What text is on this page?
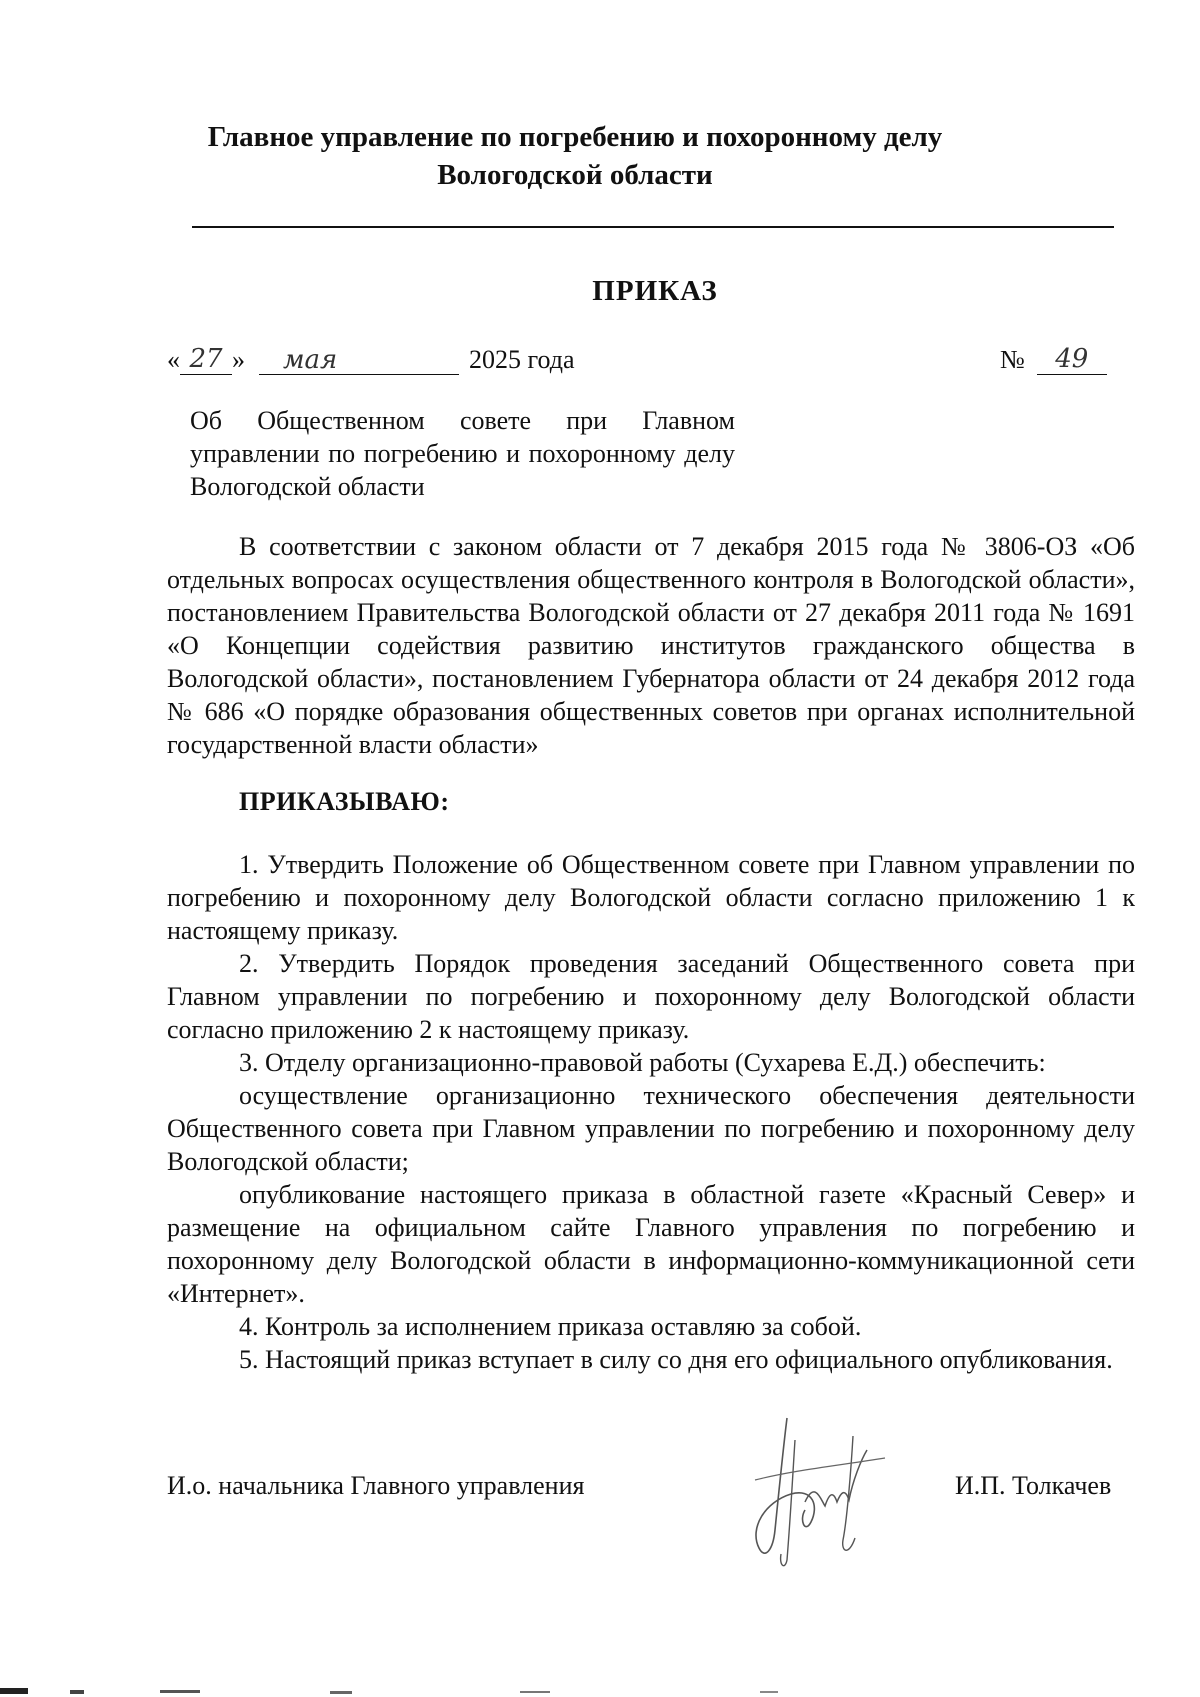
Главное управление по погребению и похоронному делу
Вологодской области
ПРИКАЗ
« 27 » мая	2025 года	№ 49
Об Общественном совете при Главном управлении по погребению и похоронному делу Вологодской области

В соответствии с законом области от 7 декабря 2015 года № 3806-ОЗ «Об отдельных вопросах осуществления общественного контроля в Вологодской области», постановлением Правительства Вологодской области от 27 декабря 2011 года № 1691 «О Концепции содействия развитию институтов гражданского общества в Вологодской области», постановлением Губернатора области от 24 декабря 2012 года № 686 «О порядке образования общественных советов при органах исполнительной государственной власти области»

ПРИКАЗЫВАЮ:

1. Утвердить Положение об Общественном совете при Главном управлении по погребению и похоронному делу Вологодской области согласно приложению 1 к настоящему приказу.

2. Утвердить Порядок проведения заседаний Общественного совета при Главном управлении по погребению и похоронному делу Вологодской области согласно приложению 2 к настоящему приказу.

3. Отделу организационно-правовой работы (Сухарева Е.Д.) обеспечить:

осуществление организационно технического обеспечения деятельности Общественного совета при Главном управлении по погребению и похоронному делу Вологодской области;

опубликование настоящего приказа в областной газете «Красный Север» и размещение на официальном сайте Главного управления по погребению и похоронному делу Вологодской области в информационно-коммуникационной сети «Интернет».

4. Контроль за исполнением приказа оставляю за собой.

5. Настоящий приказ вступает в силу со дня его официального опубликования.

И.о. начальника Главного управления	И.П. Толкачев
